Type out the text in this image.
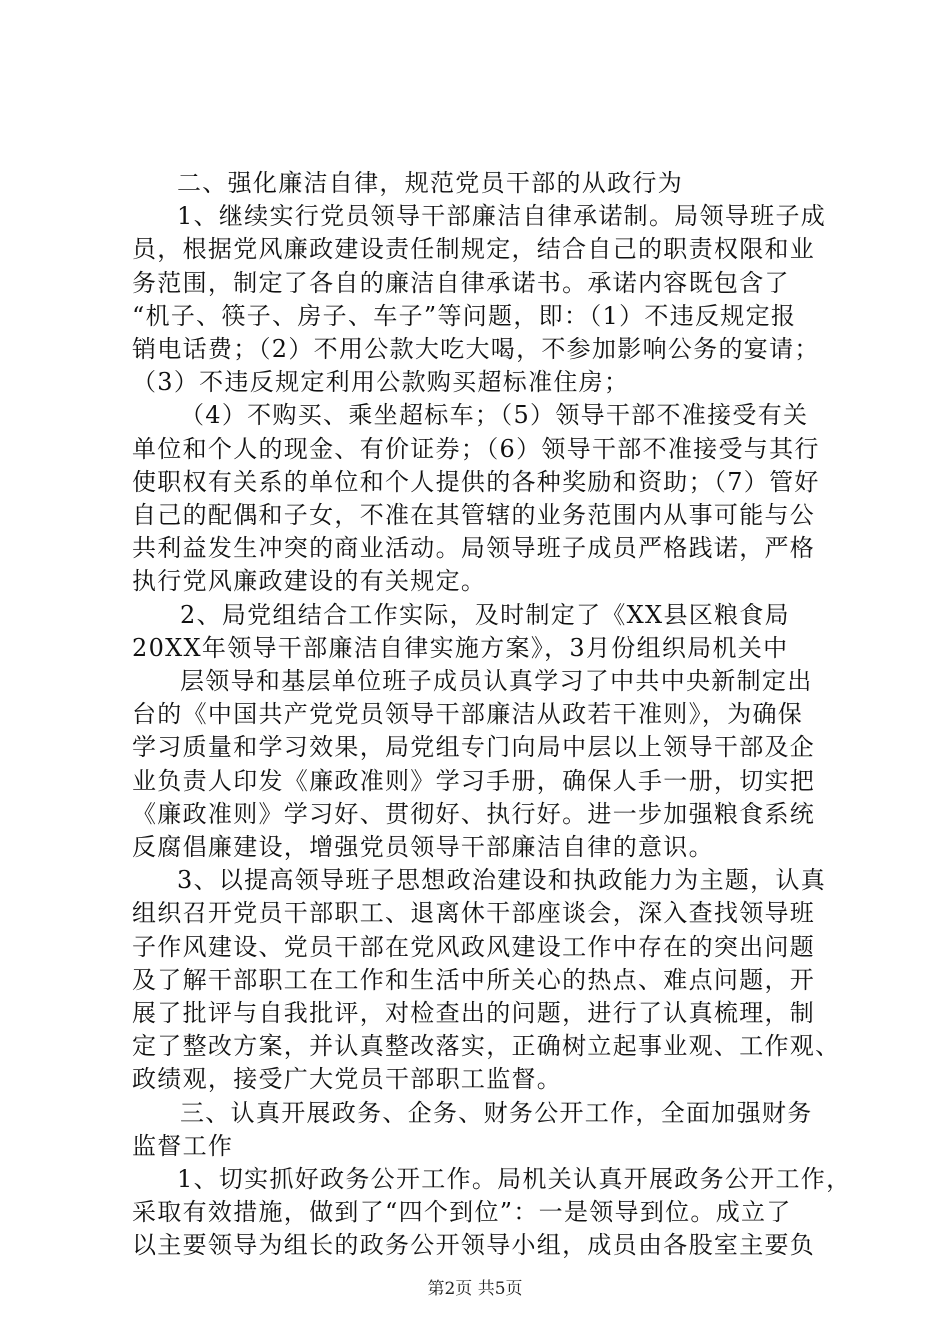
二、强化廉洁自律，规范党员干部的从政行为
1、继续实行党员领导干部廉洁自律承诺制。局领导班子成
员，根据党风廉政建设责任制规定，结合自己的职责权限和业
务范围，制定了各自的廉洁自律承诺书。承诺内容既包含了
“机子、筷子、房子、车子”等问题，即：（1）不违反规定报
销电话费；（2）不用公款大吃大喝，不参加影响公务的宴请；
（3）不违反规定利用公款购买超标准住房；
（4）不购买、乘坐超标车；（5）领导干部不准接受有关
单位和个人的现金、有价证券；（6）领导干部不准接受与其行
使职权有关系的单位和个人提供的各种奖励和资助；（7）管好
自己的配偶和子女，不准在其管辖的业务范围内从事可能与公
共利益发生冲突的商业活动。局领导班子成员严格践诺，严格
执行党风廉政建设的有关规定。
2、局党组结合工作实际，及时制定了《XX县区粮食局
20XX年领导干部廉洁自律实施方案》，3月份组织局机关中
层领导和基层单位班子成员认真学习了中共中央新制定出
台的《中国共产党党员领导干部廉洁从政若干准则》，为确保
学习质量和学习效果，局党组专门向局中层以上领导干部及企
业负责人印发《廉政准则》学习手册，确保人手一册，切实把
《廉政准则》学习好、贯彻好、执行好。进一步加强粮食系统
反腐倡廉建设，增强党员领导干部廉洁自律的意识。
3、以提高领导班子思想政治建设和执政能力为主题，认真
组织召开党员干部职工、退离休干部座谈会，深入查找领导班
子作风建设、党员干部在党风政风建设工作中存在的突出问题
及了解干部职工在工作和生活中所关心的热点、难点问题，开
展了批评与自我批评，对检查出的问题，进行了认真梳理，制
定了整改方案，并认真整改落实，正确树立起事业观、工作观、
政绩观，接受广大党员干部职工监督。
三、认真开展政务、企务、财务公开工作，全面加强财务
监督工作
1、切实抓好政务公开工作。局机关认真开展政务公开工作，
采取有效措施，做到了“四个到位”：一是领导到位。成立了
以主要领导为组长的政务公开领导小组，成员由各股室主要负
第2页 共5页
